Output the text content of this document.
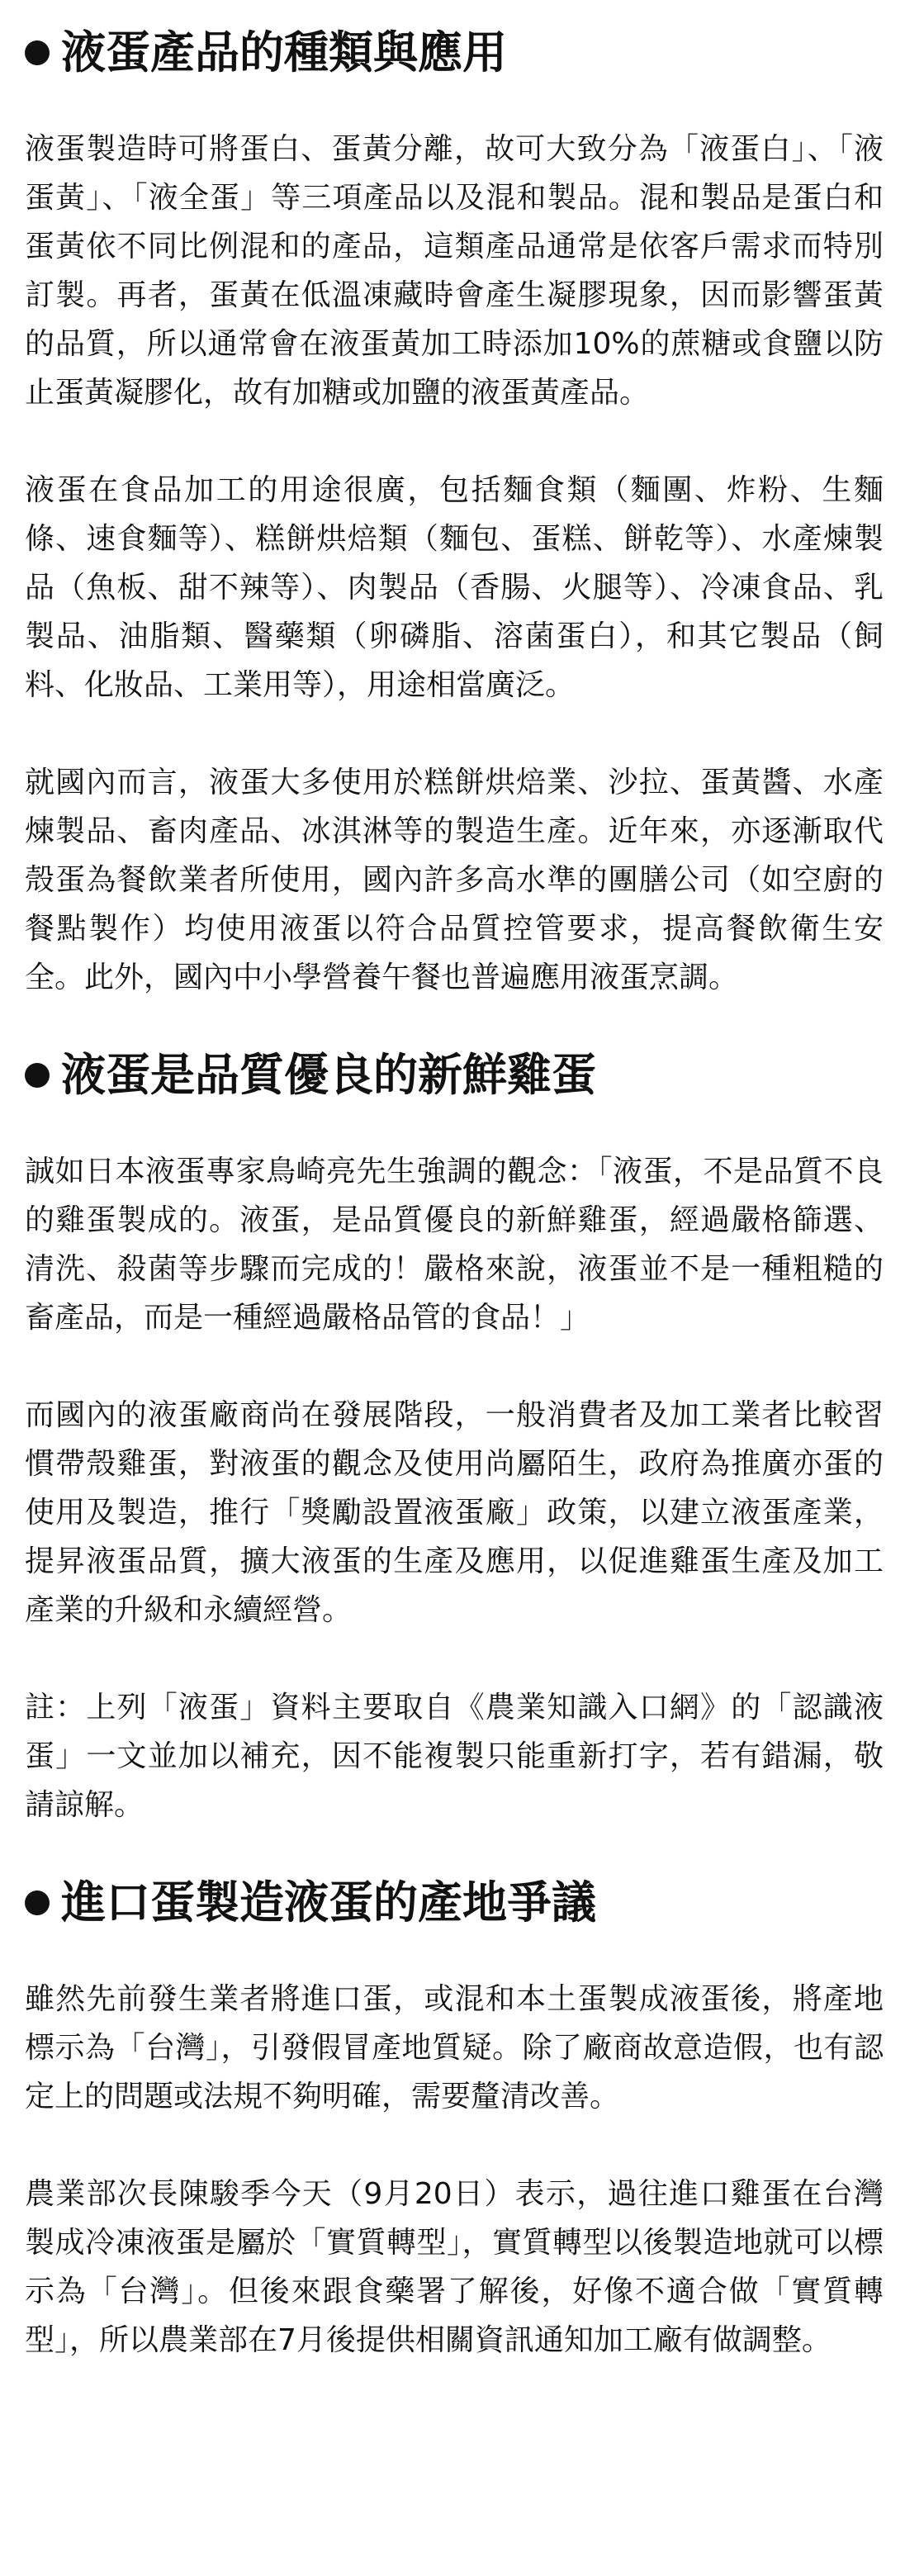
液蛋產品的種類與應用

液蛋製造時可將蛋白、蛋黃分離，故可大致分為「液蛋白」、「液蛋黃」、「液全蛋」等三項產品以及混和製品。混和製品是蛋白和蛋黃依不同比例混和的產品，這類產品通常是依客戶需求而特別訂製。再者，蛋黃在低溫凍藏時會產生凝膠現象，因而影響蛋黃的品質，所以通常會在液蛋黃加工時添加10%的蔗糖或食鹽以防止蛋黃凝膠化，故有加糖或加鹽的液蛋黃產品。

液蛋在食品加工的用途很廣，包括麵食類（麵團、炸粉、生麵條、速食麵等）、糕餅烘焙類（麵包、蛋糕、餅乾等）、水產煉製品（魚板、甜不辣等）、肉製品（香腸、火腿等）、冷凍食品、乳製品、油脂類、醫藥類（卵磷脂、溶菌蛋白），和其它製品（飼料、化妝品、工業用等），用途相當廣泛。

就國內而言，液蛋大多使用於糕餅烘焙業、沙拉、蛋黃醬、水產煉製品、畜肉產品、冰淇淋等的製造生產。近年來，亦逐漸取代殼蛋為餐飲業者所使用，國內許多高水準的團膳公司（如空廚的餐點製作）均使用液蛋以符合品質控管要求，提高餐飲衛生安全。此外，國內中小學營養午餐也普遍應用液蛋烹調。

液蛋是品質優良的新鮮雞蛋

誠如日本液蛋專家鳥崎亮先生強調的觀念：「液蛋，不是品質不良的雞蛋製成的。液蛋，是品質優良的新鮮雞蛋，經過嚴格篩選、清洗、殺菌等步驟而完成的！嚴格來說，液蛋並不是一種粗糙的畜產品，而是一種經過嚴格品管的食品！」

而國內的液蛋廠商尚在發展階段，一般消費者及加工業者比較習慣帶殼雞蛋，對液蛋的觀念及使用尚屬陌生，政府為推廣亦蛋的使用及製造，推行「獎勵設置液蛋廠」政策，以建立液蛋產業，提昇液蛋品質，擴大液蛋的生產及應用，以促進雞蛋生產及加工產業的升級和永續經營。

註：上列「液蛋」資料主要取自《農業知識入口網》的「認識液蛋」一文並加以補充，因不能複製只能重新打字，若有錯漏，敬請諒解。

進口蛋製造液蛋的產地爭議

雖然先前發生業者將進口蛋，或混和本土蛋製成液蛋後，將產地標示為「台灣」，引發假冒產地質疑。除了廠商故意造假，也有認定上的問題或法規不夠明確，需要釐清改善。

農業部次長陳駿季今天（9月20日）表示，過往進口雞蛋在台灣製成冷凍液蛋是屬於「實質轉型」，實質轉型以後製造地就可以標示為「台灣」。但後來跟食藥署了解後，好像不適合做「實質轉型」，所以農業部在7月後提供相關資訊通知加工廠有做調整。
